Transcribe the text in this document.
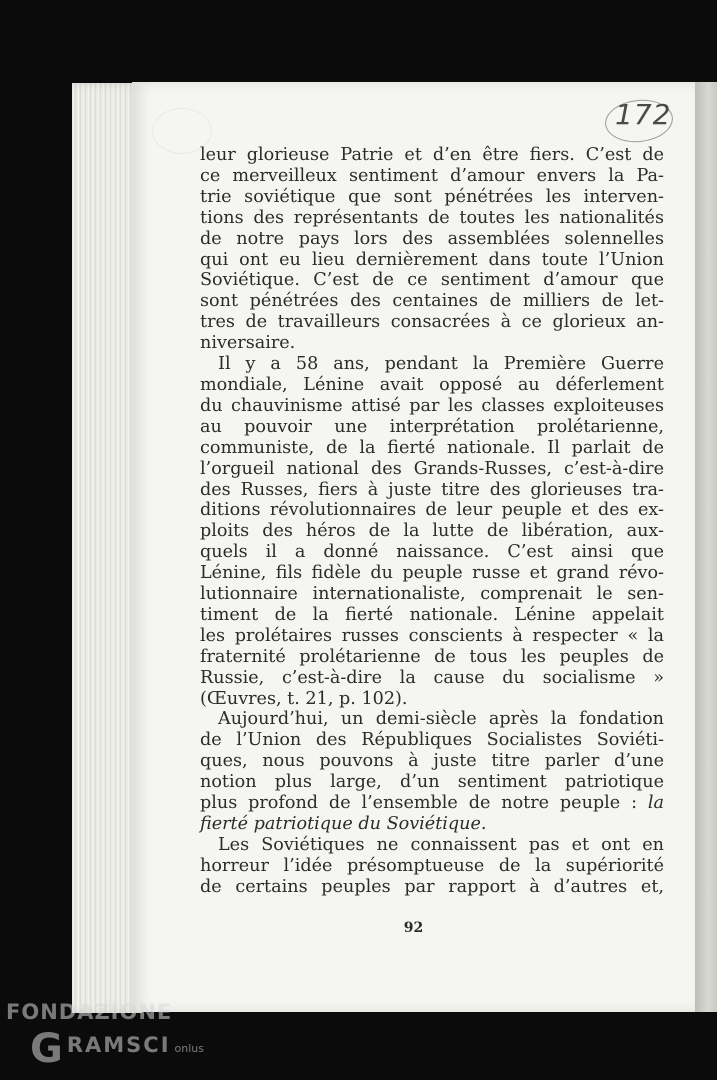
172
leur glorieuse Patrie et d’en être fiers. C’est de
ce merveilleux sentiment d’amour envers la Pa-
trie soviétique que sont pénétrées les interven-
tions des représentants de toutes les nationalités
de notre pays lors des assemblées solennelles
qui ont eu lieu dernièrement dans toute l’Union
Soviétique. C’est de ce sentiment d’amour que
sont pénétrées des centaines de milliers de let-
tres de travailleurs consacrées à ce glorieux an-
niversaire.
Il y a 58 ans, pendant la Première Guerre
mondiale, Lénine avait opposé au déferlement
du chauvinisme attisé par les classes exploiteuses
au pouvoir une interprétation prolétarienne,
communiste, de la fierté nationale. Il parlait de
l’orgueil national des Grands-Russes, c’est-à-dire
des Russes, fiers à juste titre des glorieuses tra-
ditions révolutionnaires de leur peuple et des ex-
ploits des héros de la lutte de libération, aux-
quels il a donné naissance. C’est ainsi que
Lénine, fils fidèle du peuple russe et grand révo-
lutionnaire internationaliste, comprenait le sen-
timent de la fierté nationale. Lénine appelait
les prolétaires russes conscients à respecter « la
fraternité prolétarienne de tous les peuples de
Russie, c’est-à-dire la cause du socialisme »
(Œuvres, t. 21, p. 102).
Aujourd’hui, un demi-siècle après la fondation
de l’Union des Républiques Socialistes Soviéti-
ques, nous pouvons à juste titre parler d’une
notion plus large, d’un sentiment patriotique
plus profond de l’ensemble de notre peuple : la
fierté patriotique du Soviétique.
Les Soviétiques ne connaissent pas et ont en
horreur l’idée présomptueuse de la supériorité
de certains peuples par rapport à d’autres et,
92
FONDAZIONE
GRAMSCI onlus
